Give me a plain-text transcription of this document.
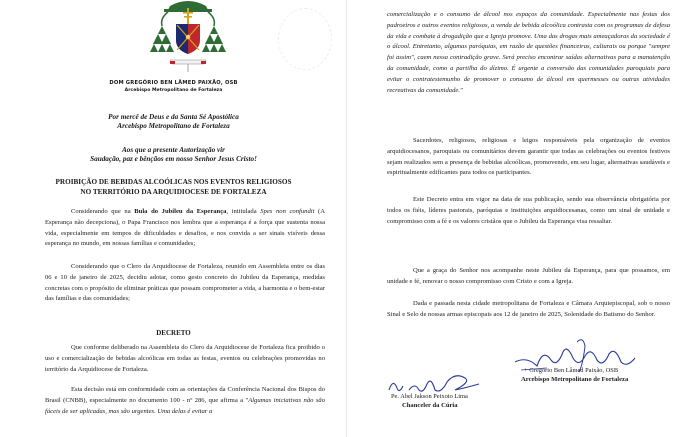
DOM GREGÓRIO BEN LÂMED PAIXÃO, OSB
Arcebispo Metropolitano de Fortaleza
Por mercê de Deus e da Santa Sé Apostólica
Arcebispo Metropolitano de Fortaleza
Aos que a presente Autorização vir
Saudação, paz e bênçãos em nosso Senhor Jesus Cristo!
PROIBIÇÃO DE BEBIDAS ALCOÓLICAS NOS EVENTOS RELIGIOSOS
NO TERRITÓRIO DA ARQUIDIOCESE DE FORTALEZA
Considerando que na Bula do Jubileu da Esperança, intitulada Spes non confundit (A Esperança não decepciona), o Papa Francisco nos lembra que a esperança é a força que sustenta nossa vida, especialmente em tempos de dificuldades e desafios, e nos convida a ser sinais visíveis dessa esperança no mundo, em nossas famílias e comunidades;
Considerando que o Clero da Arquidiocese de Fortaleza, reunido em Assembleia entre os dias 06 e 10 de janeiro de 2025, decidiu adotar, como gesto concreto do Jubileu da Esperança, medidas concretas com o propósito de eliminar práticas que possam comprometer a vida, a harmonia e o bem-estar das famílias e das comunidades;
DECRETO
Que conforme deliberado na Assembleia do Clero da Arquidiocese de Fortaleza fica proibido o uso e comercialização de bebidas alcoólicas em todas as festas, eventos ou celebrações promovidas no território da Arquidiocese de Fortaleza.
Esta decisão está em conformidade com as orientações da Conferência Nacional dos Bispos do Brasil (CNBB), especialmente no documento 100 - nº 286, que afirma a "Algumas iniciativas não são fáceis de ser aplicadas, mas são urgentes. Uma delas é evitar a
comercialização e o consumo de álcool nos espaços da comunidade. Especialmente nas festas dos padroeiros e outros eventos religiosos, a venda de bebida alcoólica contrasta com os programas de defesa da vida e combate à drogadição que a Igreja promove. Uma das drogas mais ameaçadoras da sociedade é o álcool. Entretanto, algumas paróquias, em razão de questões financeiras, culturais ou porque "sempre foi assim", caem nessa contradição grave. Será preciso encontrar saídas alternativas para a manutenção da comunidade, como a partilha do dízimo. É urgente a conversão das comunidades paroquiais para evitar o contratestemunho de promover o consumo de álcool em quermesses ou outras atividades recreativas da comunidade."
Sacerdotes, religiosos, religiosas e leigos responsáveis pela organização de eventos arquidiocesanos, paroquiais ou comunitários devem garantir que todas as celebrações ou eventos festivos sejam realizados sem a presença de bebidas alcoólicas, promovendo, em seu lugar, alternativas saudáveis e espiritualmente edificantes para todos os participantes.
Este Decreto entra em vigor na data de sua publicação, sendo sua observância obrigatória por todos os fiéis, líderes pastorais, paróquias e instituições arquidiocesanas, como um sinal de unidade e compromisso com a fé e os valores cristãos que o Jubileu da Esperança visa ressaltar.
Que a graça do Senhor nos acompanhe neste Jubileu da Esperança, para que possamos, em unidade e fé, renovar o nosso compromisso com Cristo e com a Igreja.
Dada e passada nesta cidade metropolitana de Fortaleza e Câmara Arquiepiscopal, sob o nosso Sinal e Selo de nossas armas episcopais aos 12 de janeiro de 2025, Solenidade do Batismo do Senhor.
+ Gregório Ben Lâmed Paixão, OSB
Arcebispo Metropolitano de Fortaleza
Pe. Abel Jakson Peixoto Lima
Chanceler da Cúria
